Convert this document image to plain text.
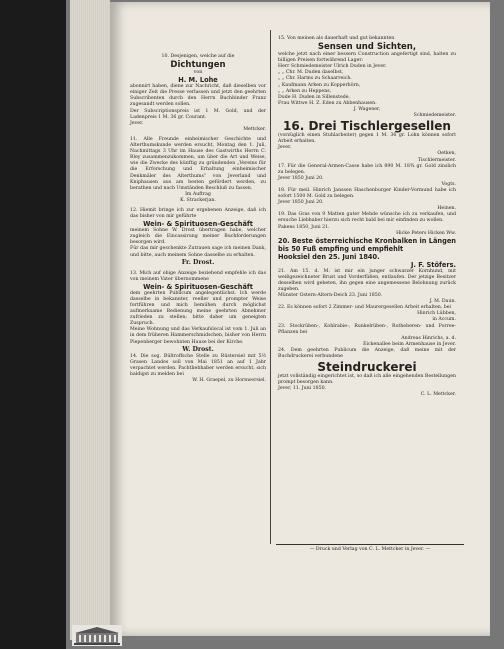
10. Desjenigen, welche auf die

Dichtungen

von

H. M. Lohe

abonnirt haben, diene zur Nachricht, daß dieselben vor einiger Zeit die Presse verlassen und jetzt den geehrten Subscribenten durch den Herrn Buchbinder Franz zugesandt werden sollen.

Der Subscriptionspreis ist 1 M. Gold, und der Ladenpreis 1 M. 36 gr. Courant.

Jever.

Mettcker.

11. Alle Freunde einheimischer Geschichte und Alterthumskunde werden ersucht, Montag den 1. Juli, Nachmittags 3 Uhr im Hause des Gastwirths Herrn C. Bley zusammenzukommen, um über die Art und Weise, wie die Zwecke des künftig zu gründenden „Vereins für die Erforschung und Erhaltung einheimischer Denkmäler des Alterthums“ von Jeverland und Kniphausen aus am besten gefördert werden, zu berathen und nach Umständen Beschluß zu fassen.

Im Auftrag

K. Strackerjan.

12. Hiemit bringe ich zur ergebenen Anzeige, daß ich das bisher von mir geführte

Wein- & Spirituosen-Geschäft

meinem Sohne W. Drost übertragen habe, welcher zugleich die Eincassirung meiner Buchforderungen besorgen wird.

Für das mir geschenkte Zutrauen sage ich meinen Dank, und bitte, auch meinem Sohne dasselbe zu erhalten.

Fr. Drost.

13. Mich auf obige Anzeige beziehend empfehle ich das von meinem Vater übernommene

Wein- & Spirituosen-Geschäft

dem geehrten Publicum angelegentlichst. Ich werde dasselbe in bekannter, reeller und prompter Weise fortführen und mich bemühen durch möglichst aufmerksame Bedienung meine geehrten Abnehmer zufrieden zu stellen; bitte daher um geneigten Zuspruch.

Meine Wohnung und das Verkaufslocal ist vom 1. Juli an in dem früheren Hammerschmidschen, bisher von Herrn Piepenberger bewohnten Hause bei der Kirche.

W. Drost.

14. Die sog. Bültroffsche Stelle zu Rüstersiel mit 5½ Grasen Landes soll von Mai 1851 an auf 1 Jahr verpachtet werden. Pachtliebhaber werden ersucht, sich baldigst zu melden bei

W. H. Graepel, zu Hornwersiel.

15. Von meinen als dauerhaft und gut bekannten

Sensen und Sichten,

welche jetzt nach einer bessern Construction angefertigt sind, halten zu billigen Preisen fortwährend Lager:

Herr Schmiedemeister Ulrich Duden in Jever.

„ „ Chr. M. Duden daselbst,

„ „ Chr. Harms zu Schaarreich.

„ Kaufmann Arken zu Kopperhörn,

„ „ Arken zu Heppens,

Dude H. Duden in Sillenstede,

Frau Wittwe H. Z. Eden zu Abbenhausen.

J. Wagener,

Schmiedemeister.

16. Drei Tischlergesellen

(vorzüglich einen Stuhlarbeiter) gegen 1 M. 36 gr. Lohn können sofort Arbeit erhalten.

Jever.

Oetken,

Tischlermeister.

17. Für die General-Armen-Casse habe ich 890 M. 18¾ gr. Gold zinslich zu belegen.

Jever 1850 Juni 20.

Vogts.

18. Für meil. Hinrich Janssen Haschenburger Kinder-Vormund habe ich sofort 1500 M. Gold zu belegen.

Jever 1850 Juni 20.

Heinen.

19. Das Gras von 9 Matten guter Mehde wünsche ich zu verkaufen, und ersuche Liebhaber hierzu sich recht bald bei mir einfinden zu wollen.

Pakens 1850, Juni 21.

Hicke Peters Hicken Ww.

20. Beste österreichische Kronbalken in Längen bis 50 Fuß empfing und empfiehlt

Hooksiel den 25. Juni 1840.

J. F. Stöfers.

21. Am 15. d. M. ist mir ein junger schwarzer Kornhund, mit weißgezeichneter Brust und Vorderfüßen, entlaufen. Der jetzige Besitzer desselben wird gebeten, ihn gegen eine angemessene Belohnung zurück zugeben.

Münster Ostern-Altern-Deich 23. Juni 1850.

J. M. Daun.

22. Es können sofort 2 Zimmer- und Maurergesellen Arbeit erhalten, bei

Hinrich Lübben,

in Accum.

23. Stockrüben-, Kohlrabie-, Runkelrüben-, Rotheberen- und Porree-Pflanzen bei

Andreas Hinrichs, a. d.

Eickenallee beim Armenhause in Jever.

24. Dem geehrten Publicum die Anzeige, daß meine mit der Buchdruckerei verbundene

Steindruckerei

jetzt vollständig eingerichtet ist, so daß ich alle eingehenden Bestellungen prompt besorgen kann.

Jever, 11. Juni 1850.

C. L. Mettcker.

— Druck und Verlag von C. L. Mettcker in Jever. —
